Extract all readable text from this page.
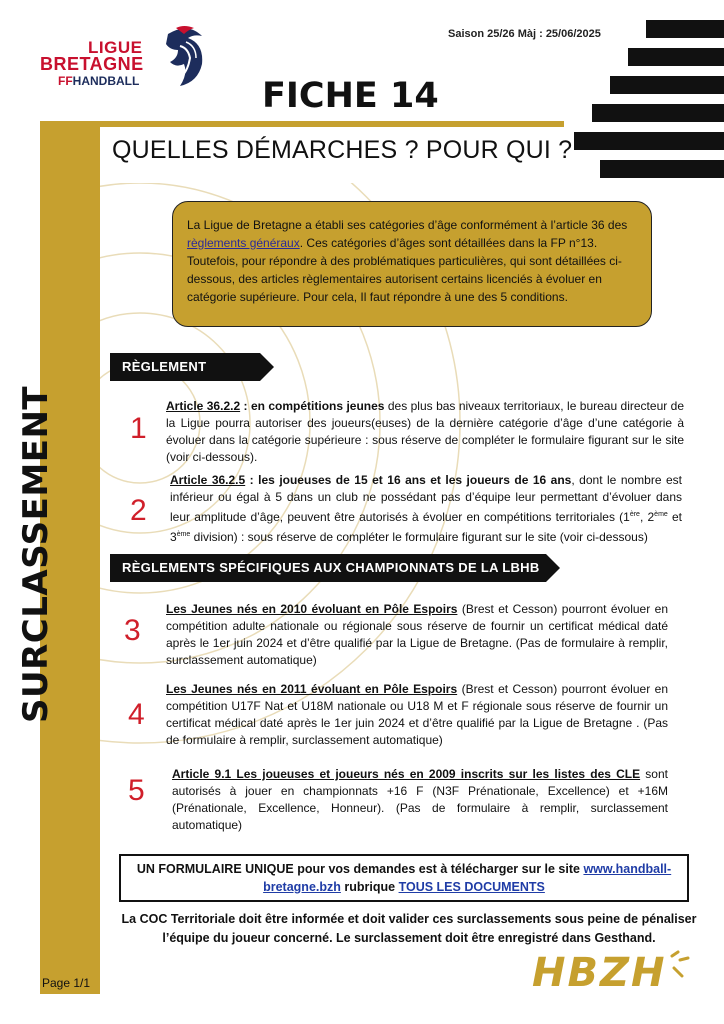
LIGUE
BRETAGNE
FFHANDBALL
Saison 25/26 Màj : 25/06/2025
FICHE 14
QUELLES DÉMARCHES ? POUR QUI ?
SURCLASSEMENT
La Ligue de Bretagne a établi ses catégories d’âge conformément à l’article 36 des règlements généraux. Ces catégories d’âges sont détaillées dans la FP n°13. Toutefois, pour répondre à des problématiques particulières, qui sont détaillées ci-dessous, des articles règlementaires autorisent certains licenciés à évoluer en catégorie supérieure. Pour cela, Il faut répondre à une des 5 conditions.
RÈGLEMENT FÉDÉRAL
1
Article 36.2.2 : en compétitions jeunes des plus bas niveaux territoriaux, le bureau directeur de la Ligue pourra autoriser des joueurs(euses) de la dernière catégorie d’âge d’une catégorie à évoluer dans la catégorie supérieure : sous réserve de compléter le formulaire figurant sur le site (voir ci-dessous).
2
Article 36.2.5 : les joueuses de 15 et 16 ans et les joueurs de 16 ans, dont le nombre est inférieur ou égal à 5 dans un club ne possédant pas d’équipe leur permettant d’évoluer dans leur amplitude d’âge, peuvent être autorisés à évoluer en compétitions territoriales (1ère, 2ème et 3ème division) : sous réserve de compléter le formulaire figurant sur le site (voir ci-dessous)
RÈGLEMENTS SPÉCIFIQUES AUX CHAMPIONNATS DE LA LBHB
3
Les Jeunes nés en 2010 évoluant en Pôle Espoirs (Brest et Cesson) pourront évoluer en compétition adulte nationale ou régionale sous réserve de fournir un certificat médical daté après le 1er juin 2024 et d’être qualifié par la Ligue de Bretagne. (Pas de formulaire à remplir, surclassement automatique)
4
Les Jeunes nés en 2011 évoluant en Pôle Espoirs (Brest et Cesson) pourront évoluer en compétition U17F Nat et U18M nationale ou U18 M et F régionale sous réserve de fournir un certificat médical daté après le 1er juin 2024 et d’être qualifié par la Ligue de Bretagne . (Pas de formulaire à remplir, surclassement automatique)
5 Article 9.1 Les joueuses et joueurs nés en 2009 inscrits sur les listes des CLE sont autorisés à jouer en championnats +16 F (N3F Prénationale, Excellence) et +16M (Prénationale, Excellence, Honneur). (Pas de formulaire à remplir, surclassement automatique)
UN FORMULAIRE UNIQUE pour vos demandes est à télécharger sur le site www.handball-bretagne.bzh rubrique TOUS LES DOCUMENTS
La COC Territoriale doit être informée et doit valider ces surclassements sous peine de pénaliser l’équipe du joueur concerné. Le surclassement doit être enregistré dans Gesthand.
Page 1/1	HBZH
